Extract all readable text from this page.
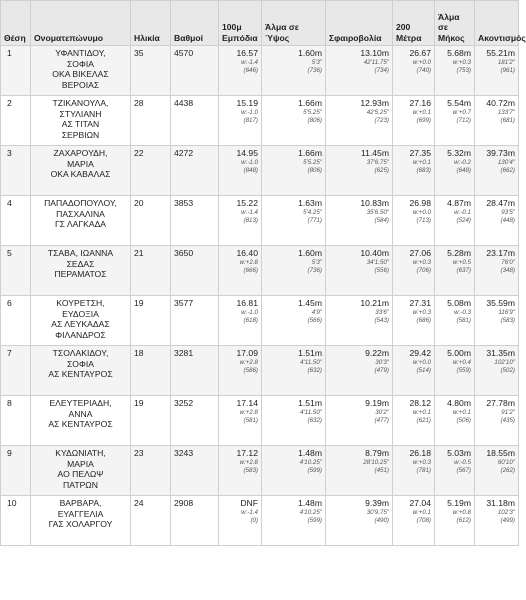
Θέση	Ονοματεπώνυμο	Ηλικία	Βαθμοί	100μ Εμπόδια	Άλμα σε Ύψος	Σφαιροβολία	200 Μέτρα	Άλμα σε Μήκος	Ακοντισμός
1	ΥΦΑΝΤΙΔΟΥ,
ΣΟΦΙΑ
ΟΚΑ ΒΙΚΕΛΑΣ
ΒΕΡΟΙΑΣ	35	4570	16.57
w:-1.4
(646)	1.60m
5'3"
(736)	13.10m
42'11.75"
(734)	26.67
w:+0.0
(740)	5.68m
w:+0.3
(753)	55.21m
181'2"
(961)

2	ΤΖΙΚΑΝΟΥΛΑ,
ΣΤΥΛΙΑΝΗ
ΑΣ ΤΙΤΑΝ
ΣΕΡΒΙΩΝ	28	4438	15.19
w:-1.0
(817)	1.66m
5'5.25"
(806)	12.93m
42'5.25"
(723)	27.16
w:+0.1
(699)	5.54m
w:+0.7
(712)	40.72m
133'7"
(681)

3	ΖΑΧΑΡΟΥΔΗ,
ΜΑΡΙΑ
ΟΚΑ ΚΑΒΑΛΑΣ	22	4272	14.95
w:-1.0
(848)	1.66m
5'5.25"
(806)	11.45m
37'6.75"
(625)	27.35
w:+0.1
(683)	5.32m
w:-0.2
(648)	39.73m
130'4"
(662)

4	ΠΑΠΑΔΟΠΟΥΛΟΥ,
ΠΑΣΧΑΛΙΝΑ
ΓΣ ΛΑΓΚΑΔΑ	20	3853	15.22
w:-1.4
(813)	1.63m
5'4.25"
(771)	10.83m
35'6.50"
(584)	26.98
w:+0.0
(713)	4.87m
w:-0.1
(524)	28.47m
93'5"
(448)

5	ΤΣΑΒΑ, ΙΩΑΝΝΑ
ΣΕΔΑΣ
ΠΕΡΑΜΑΤΟΣ	21	3650	16.40
w:+2.8
(666)	1.60m
5'3"
(736)	10.40m
34'1.50"
(556)	27.06
w:+0.3
(706)	5.28m
w:+0.5
(637)	23.17m
76'0"
(348)

6	ΚΟΥΡΕΤΣΗ,
ΕΥΔΟΞΙΑ
ΑΣ ΛΕΥΚΑΔΑΣ
ΦΙΛΑΝΔΡΟΣ	19	3577	16.81
w:-1.0
(618)	1.45m
4'9"
(566)	10.21m
33'6"
(543)	27.31
w:+0.3
(686)	5.08m
w:-0.3
(581)	35.59m
116'9"
(583)

7	ΤΣΟΛΑΚΙΔΟΥ,
ΣΟΦΙΑ
ΑΣ ΚΕΝΤΑΥΡΟΣ	18	3281	17.09
w:+2.8
(586)	1.51m
4'11.50"
(632)	9.22m
30'3"
(479)	29.42
w:+0.0
(514)	5.00m
w:+0.4
(559)	31.35m
102'10"
(502)

8	ΕΛΕΥΤΕΡΙΑΔΗ,
ΑΝΝΑ
ΑΣ ΚΕΝΤΑΥΡΟΣ	19	3252	17.14
w:+2.8
(581)	1.51m
4'11.50"
(632)	9.19m
30'2"
(477)	28.12
w:+0.1
(621)	4.80m
w:+0.1
(506)	27.78m
91'2"
(435)

9	ΚΥΔΩΝΙΑΤΗ,
ΜΑΡΙΑ
ΑΟ ΠΕΛΩΨ
ΠΑΤΡΩΝ	23	3243	17.12
w:+2.8
(583)	1.48m
4'10.25"
(599)	8.79m
28'10.25"
(451)	26.18
w:+0.3
(781)	5.03m
w:-0.5
(567)	18.55m
60'10"
(262)

10	ΒΑΡΒΑΡΑ,
ΕΥΑΓΓΕΛΙΑ
ΓΑΣ ΧΟΛΑΡΓΟΥ	24	2908	DNF
w:-1.4
(0)	1.48m
4'10.25"
(599)	9.39m
30'9.75"
(490)	27.04
w:+0.1
(708)	5.19m
w:+0.8
(612)	31.18m
102'3"
(499)
